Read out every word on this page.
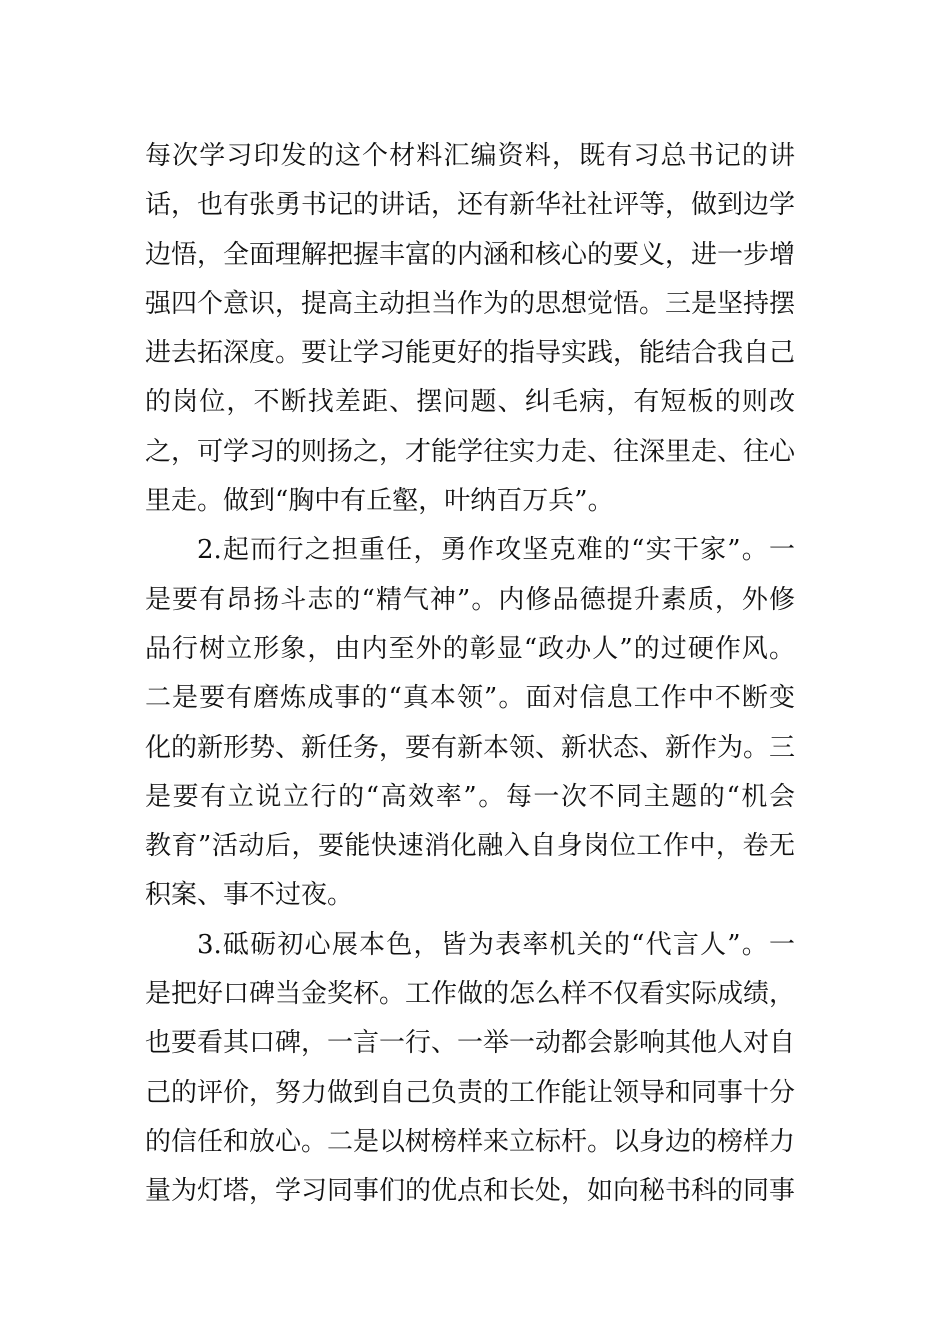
每次学习印发的这个材料汇编资料，既有习总书记的讲
话，也有张勇书记的讲话，还有新华社社评等，做到边学
边悟，全面理解把握丰富的内涵和核心的要义，进一步增
强四个意识，提高主动担当作为的思想觉悟。三是坚持摆
进去拓深度。要让学习能更好的指导实践，能结合我自己
的岗位，不断找差距、摆问题、纠毛病，有短板的则改
之，可学习的则扬之，才能学往实力走、往深里走、往心
里走。做到“胸中有丘壑，叶纳百万兵”。
2.起而行之担重任，勇作攻坚克难的“实干家”。一
是要有昂扬斗志的“精气神”。内修品德提升素质，外修
品行树立形象，由内至外的彰显“政办人”的过硬作风。
二是要有磨炼成事的“真本领”。面对信息工作中不断变
化的新形势、新任务，要有新本领、新状态、新作为。三
是要有立说立行的“高效率”。每一次不同主题的“机会
教育”活动后，要能快速消化融入自身岗位工作中，卷无
积案、事不过夜。
3.砥砺初心展本色，皆为表率机关的“代言人”。一
是把好口碑当金奖杯。工作做的怎么样不仅看实际成绩，
也要看其口碑，一言一行、一举一动都会影响其他人对自
己的评价，努力做到自己负责的工作能让领导和同事十分
的信任和放心。二是以树榜样来立标杆。以身边的榜样力
量为灯塔，学习同事们的优点和长处，如向秘书科的同事
